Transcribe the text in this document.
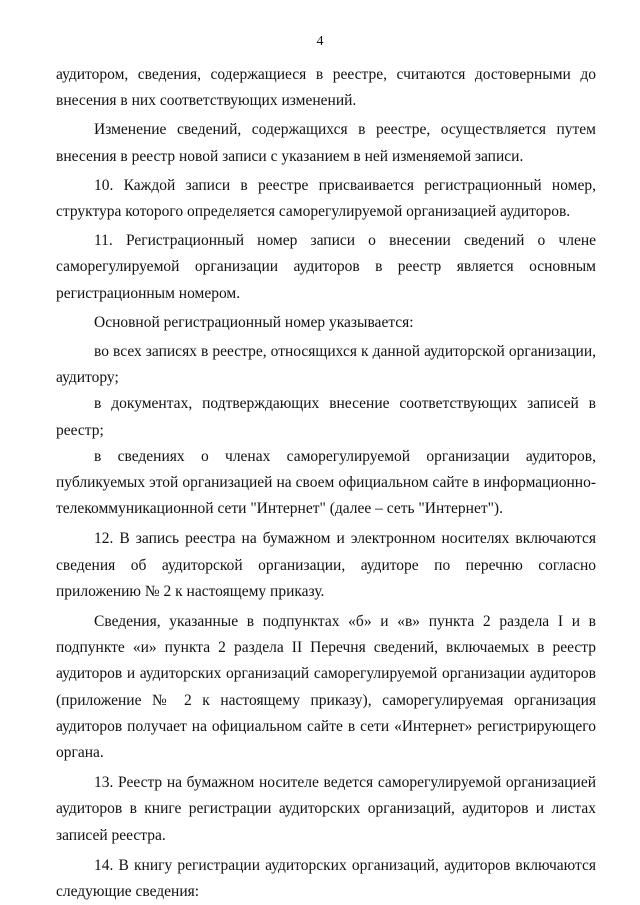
4

аудитором, сведения, содержащиеся в реестре, считаются достоверными до внесения в них соответствующих изменений.

Изменение сведений, содержащихся в реестре, осуществляется путем внесения в реестр новой записи с указанием в ней изменяемой записи.

10. Каждой записи в реестре присваивается регистрационный номер, структура которого определяется саморегулируемой организацией аудиторов.

11. Регистрационный номер записи о внесении сведений о члене саморегулируемой организации аудиторов в реестр является основным регистрационным номером.

Основной регистрационный номер указывается:

во всех записях в реестре, относящихся к данной аудиторской организации, аудитору;

в документах, подтверждающих внесение соответствующих записей в реестр;

в сведениях о членах саморегулируемой организации аудиторов, публикуемых этой организацией на своем официальном сайте в информационно-телекоммуникационной сети "Интернет" (далее – сеть "Интернет").

12. В запись реестра на бумажном и электронном носителях включаются сведения об аудиторской организации, аудиторе по перечню согласно приложению № 2 к настоящему приказу.

Сведения, указанные в подпунктах «б» и «в» пункта 2 раздела I и в подпункте «и» пункта 2 раздела II Перечня сведений, включаемых в реестр аудиторов и аудиторских организаций саморегулируемой организации аудиторов (приложение № 2 к настоящему приказу), саморегулируемая организация аудиторов получает на официальном сайте в сети «Интернет» регистрирующего органа.

13. Реестр на бумажном носителе ведется саморегулируемой организацией аудиторов в книге регистрации аудиторских организаций, аудиторов и листах записей реестра.

14. В книгу регистрации аудиторских организаций, аудиторов включаются следующие сведения:
